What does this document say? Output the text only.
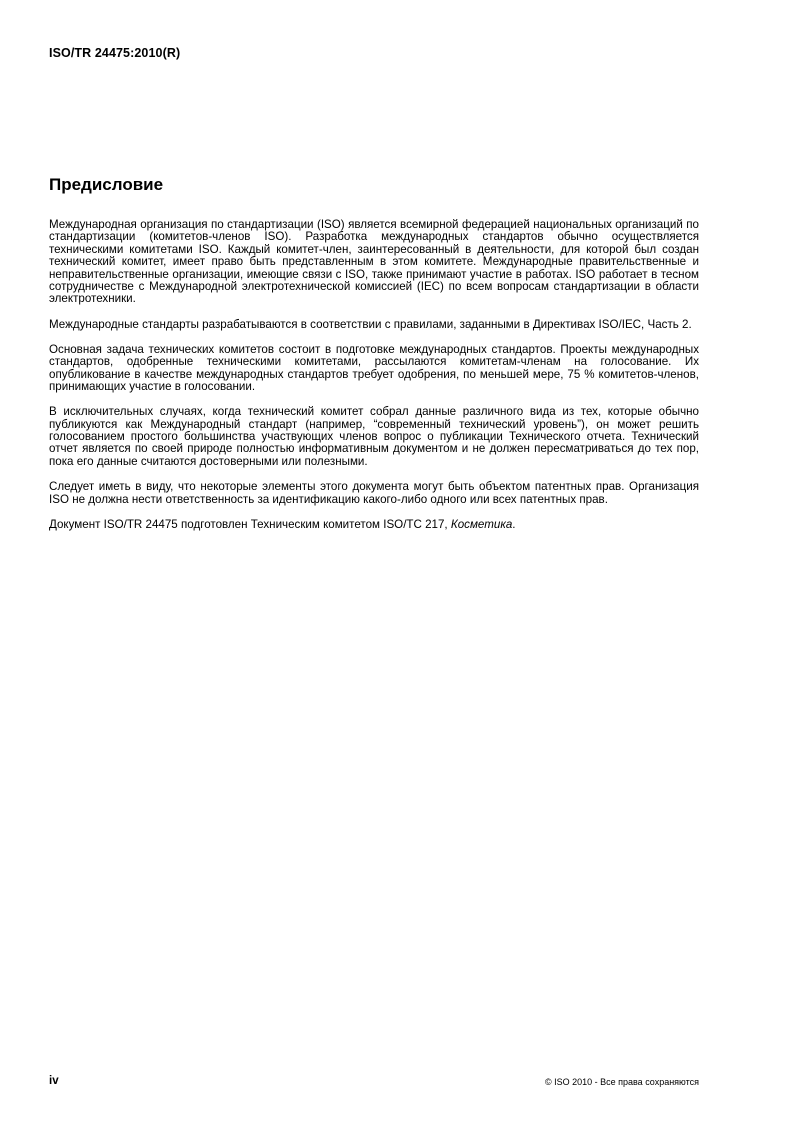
ISO/TR 24475:2010(R)
Предисловие

Международная организация по стандартизации (ISO) является всемирной федерацией национальных организаций по стандартизации (комитетов-членов ISO). Разработка международных стандартов обычно осуществляется техническими комитетами ISO. Каждый комитет-член, заинтересованный в деятельности, для которой был создан технический комитет, имеет право быть представленным в этом комитете. Международные правительственные и неправительственные организации, имеющие связи с ISO, также принимают участие в работах. ISO работает в тесном сотрудничестве с Международной электротехнической комиссией (IEC) по всем вопросам стандартизации в области электротехники.

Международные стандарты разрабатываются в соответствии с правилами, заданными в Директивах ISO/IEC, Часть 2.

Основная задача технических комитетов состоит в подготовке международных стандартов. Проекты международных стандартов, одобренные техническими комитетами, рассылаются комитетам-членам на голосование. Их опубликование в качестве международных стандартов требует одобрения, по меньшей мере, 75 % комитетов-членов, принимающих участие в голосовании.

В исключительных случаях, когда технический комитет собрал данные различного вида из тех, которые обычно публикуются как Международный стандарт (например, “современный технический уровень”), он может решить голосованием простого большинства участвующих членов вопрос о публикации Технического отчета. Технический отчет является по своей природе полностью информативным документом и не должен пересматриваться до тех пор, пока его данные считаются достоверными или полезными.

Следует иметь в виду, что некоторые элементы этого документа могут быть объектом патентных прав. Организация ISO не должна нести ответственность за идентификацию какого-либо одного или всех патентных прав.

Документ ISO/TR 24475 подготовлен Техническим комитетом ISO/TC 217, Косметика.

iv	© ISO 2010 - Все права сохраняются
